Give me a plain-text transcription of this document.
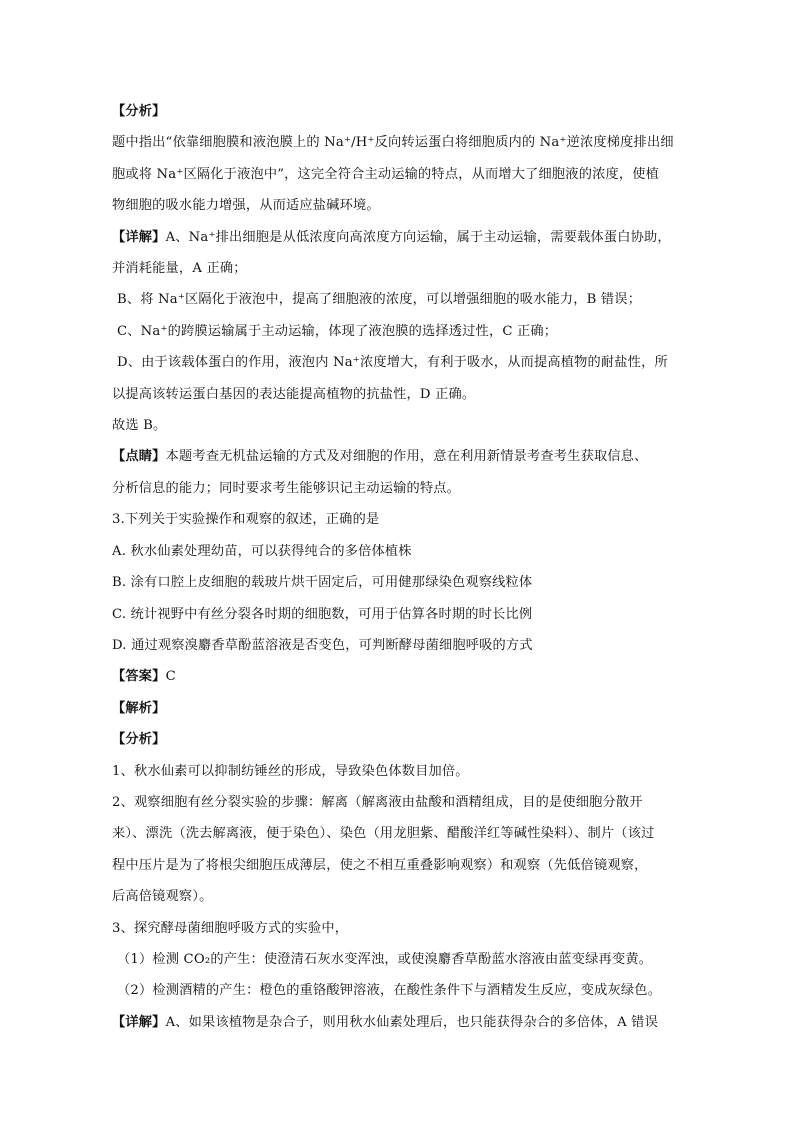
【分析】
题中指出“依靠细胞膜和液泡膜上的 Na⁺/H⁺反向转运蛋白将细胞质内的 Na⁺逆浓度梯度排出细
胞或将 Na⁺区隔化于液泡中”，这完全符合主动运输的特点，从而增大了细胞液的浓度，使植
物细胞的吸水能力增强，从而适应盐碱环境。
【详解】A、Na⁺排出细胞是从低浓度向高浓度方向运输，属于主动运输，需要载体蛋白协助，
并消耗能量，A 正确；
B、将 Na⁺区隔化于液泡中，提高了细胞液的浓度，可以增强细胞的吸水能力，B 错误；
C、Na⁺的跨膜运输属于主动运输，体现了液泡膜的选择透过性，C 正确；
D、由于该载体蛋白的作用，液泡内 Na⁺浓度增大，有利于吸水，从而提高植物的耐盐性，所
以提高该转运蛋白基因的表达能提高植物的抗盐性，D 正确。
故选 B。
【点睛】本题考查无机盐运输的方式及对细胞的作用，意在利用新情景考查考生获取信息、
分析信息的能力；同时要求考生能够识记主动运输的特点。
3.下列关于实验操作和观察的叙述，正确的是
A. 秋水仙素处理幼苗，可以获得纯合的多倍体植株
B. 涂有口腔上皮细胞的载玻片烘干固定后，可用健那绿染色观察线粒体
C. 统计视野中有丝分裂各时期的细胞数，可用于估算各时期的时长比例
D. 通过观察溴麝香草酚蓝溶液是否变色，可判断酵母菌细胞呼吸的方式
【答案】C
【解析】
【分析】
1、秋水仙素可以抑制纺锤丝的形成，导致染色体数目加倍。
2、观察细胞有丝分裂实验的步骤：解离（解离液由盐酸和酒精组成，目的是使细胞分散开
来）、漂洗（洗去解离液，便于染色）、染色（用龙胆紫、醋酸洋红等碱性染料）、制片（该过
程中压片是为了将根尖细胞压成薄层，使之不相互重叠影响观察）和观察（先低倍镜观察，
后高倍镜观察）。
3、探究酵母菌细胞呼吸方式的实验中，
（1）检测 CO₂的产生：使澄清石灰水变浑浊，或使溴麝香草酚蓝水溶液由蓝变绿再变黄。
（2）检测酒精的产生：橙色的重铬酸钾溶液，在酸性条件下与酒精发生反应，变成灰绿色。
【详解】A、如果该植物是杂合子，则用秋水仙素处理后，也只能获得杂合的多倍体，A 错误
